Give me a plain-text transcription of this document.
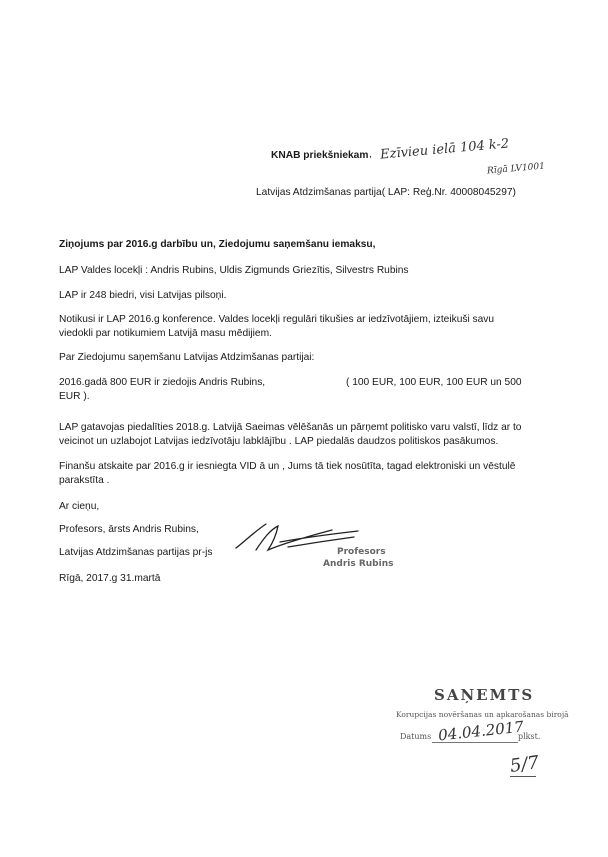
KNAB priekšniekam , Ezīvieu ielā 104 k-2
Rīgā LV1001
Latvijas Atdzimšanas partija( LAP: Reģ.Nr. 40008045297)
Ziņojums par 2016.g darbību un, Ziedojumu saņemšanu iemaksu,
LAP Valdes locekļi : Andris Rubins, Uldis Zigmunds Griezītis, Silvestrs Rubins
LAP ir 248 biedri, visi Latvijas pilsoņi.
Notikusi ir LAP 2016.g konference. Valdes locekļi regulāri tikušies ar iedzīvotājiem, izteikuši savu viedokli par notikumiem Latvijā masu mēdijiem.
Par Ziedojumu saņemšanu Latvijas Atdzimšanas partijai:
2016.gadā 800 EUR ir ziedojis Andris Rubins,	( 100 EUR, 100 EUR, 100 EUR un 500
EUR ).
LAP gatavojas piedalīties 2018.g. Latvijā Saeimas vēlēšanās un pārņemt politisko varu valstī, līdz ar to veicinot un uzlabojot Latvijas iedzīvotāju labklājību . LAP piedalās daudzos politiskos pasākumos.
Finanšu atskaite par 2016.g ir iesniegta VID ā un , Jums tā tiek nosūtīta, tagad elektroniski un vēstulē parakstīta .
Ar cieņu,
Profesors, ārsts Andris Rubins,
Latvijas Atdzimšanas partijas pr-js
Rīgā, 2017.g 31.martā
Profesors
Andris Rubins
SAŅEMTS
Korupcijas novēršanas un apkarošanas birojā
Datums 04.04.2017
plkst.
5/7
